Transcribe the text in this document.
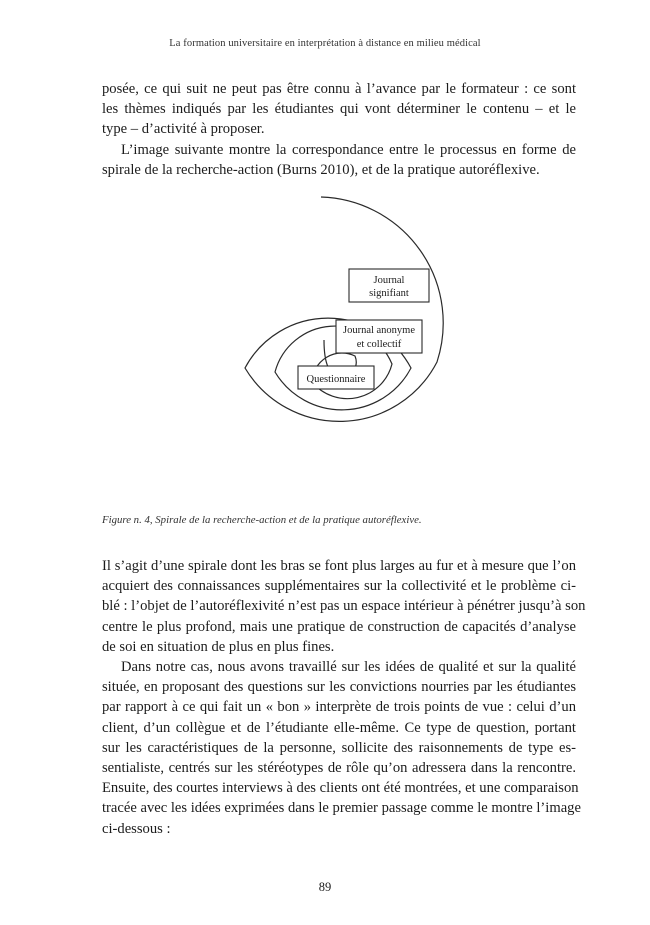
La formation universitaire en interprétation à distance en milieu médical

posée, ce qui suit ne peut pas être connu à l’avance par le formateur : ce sont
les thèmes indiqués par les étudiantes qui vont déterminer le contenu – et le
type – d’activité à proposer.

L’image suivante montre la correspondance entre le processus en forme de
spirale de la recherche-action (Burns 2010), et de la pratique autoréflexive.

Journal
signifiant
Journal anonyme
et collectif
Questionnaire
Figure n. 4, Spirale de la recherche-action et de la pratique autoréflexive.

Il s’agit d’une spirale dont les bras se font plus larges au fur et à mesure que l’on
acquiert des connaissances supplémentaires sur la collectivité et le problème ci-
blé : l’objet de l’autoréflexivité n’est pas un espace intérieur à pénétrer jusqu’à son
centre le plus profond, mais une pratique de construction de capacités d’analyse
de soi en situation de plus en plus fines.

Dans notre cas, nous avons travaillé sur les idées de qualité et sur la qualité
située, en proposant des questions sur les convictions nourries par les étudiantes
par rapport à ce qui fait un « bon » interprète de trois points de vue : celui d’un
client, d’un collègue et de l’étudiante elle-même. Ce type de question, portant
sur les caractéristiques de la personne, sollicite des raisonnements de type es-
sentialiste, centrés sur les stéréotypes de rôle qu’on adressera dans la rencontre.
Ensuite, des courtes interviews à des clients ont été montrées, et une comparaison
tracée avec les idées exprimées dans le premier passage comme le montre l’image
ci-dessous :

89
